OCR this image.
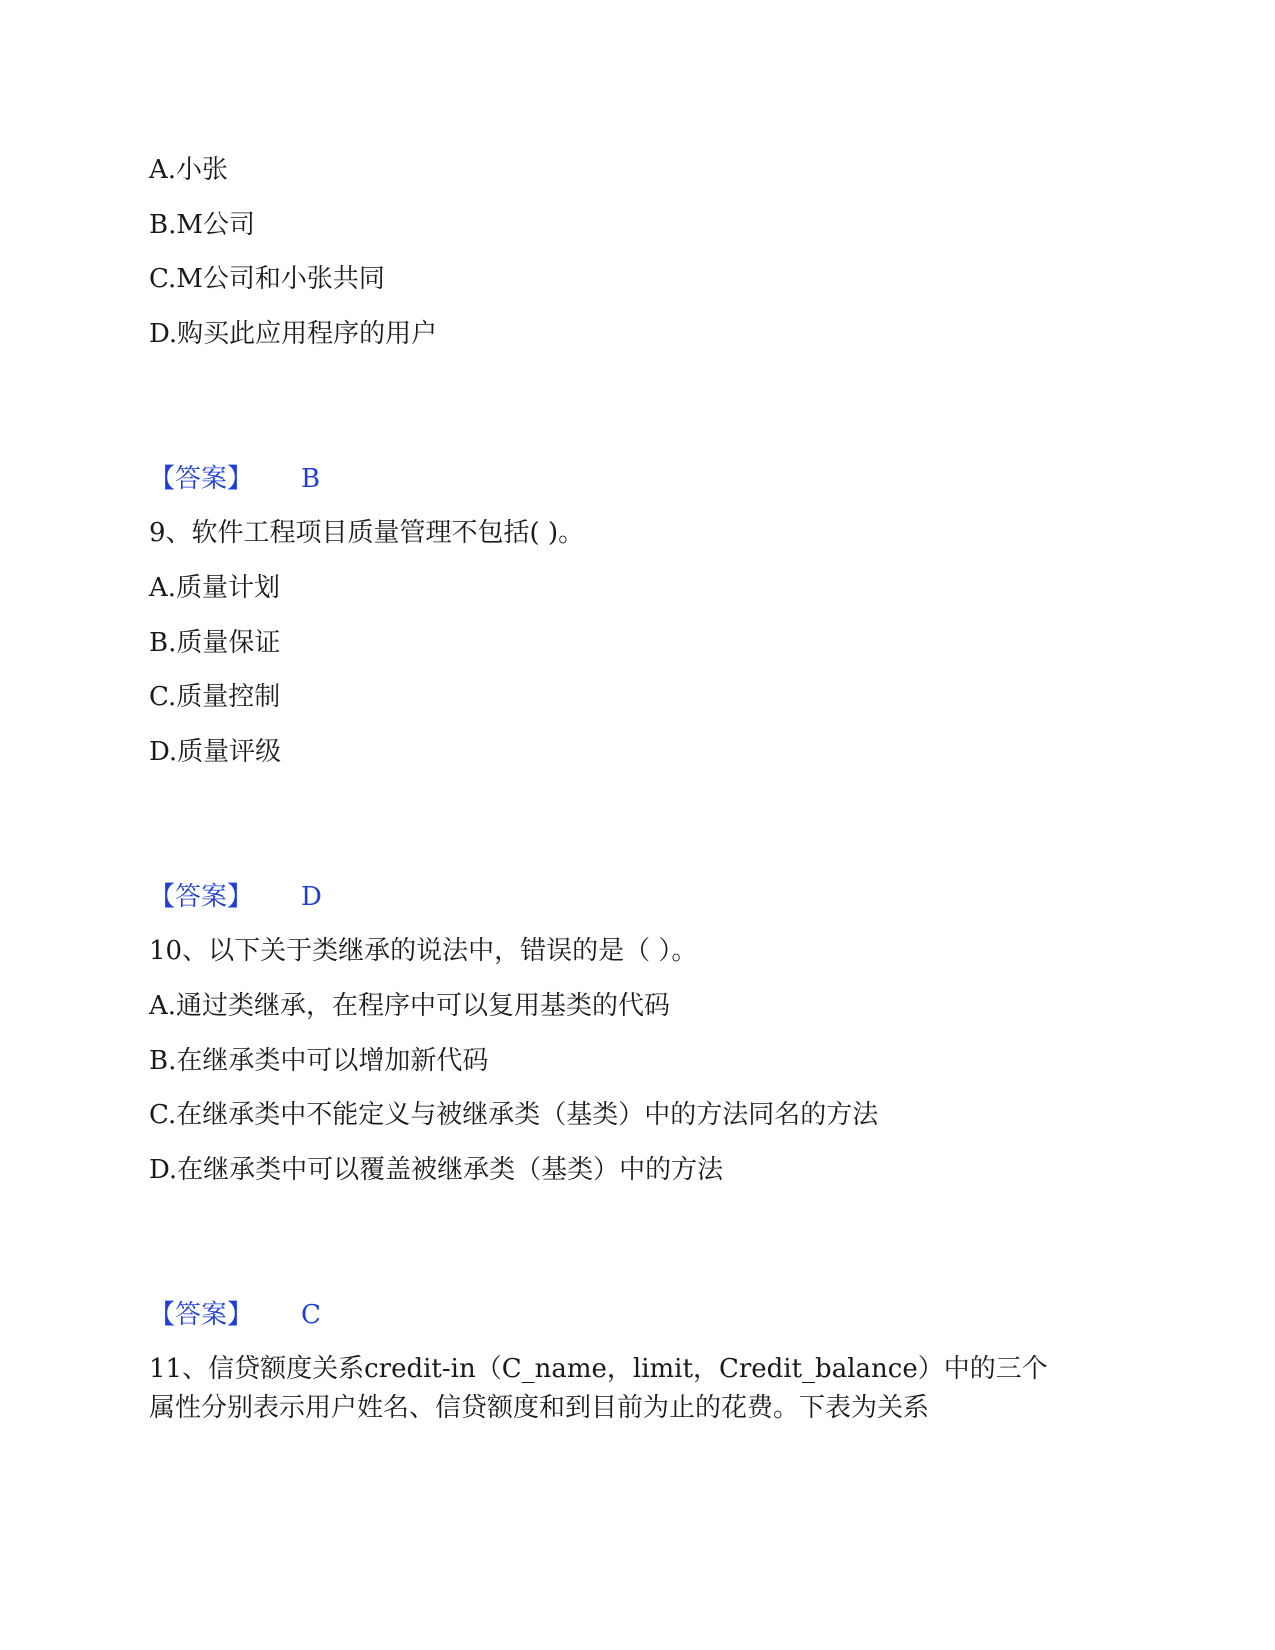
A.小张
B.M公司
C.M公司和小张共同
D.购买此应用程序的用户
【答案】 B
9、软件工程项目质量管理不包括( )。
A.质量计划
B.质量保证
C.质量控制
D.质量评级
【答案】 D
10、以下关于类继承的说法中，错误的是（ ）。
A.通过类继承，在程序中可以复用基类的代码
B.在继承类中可以增加新代码
C.在继承类中不能定义与被继承类（基类）中的方法同名的方法
D.在继承类中可以覆盖被继承类（基类）中的方法
【答案】 C
11、信贷额度关系credit-in（C_name，limit，Credit_balance）中的三个
属性分别表示用户姓名、信贷额度和到目前为止的花费。下表为关系
